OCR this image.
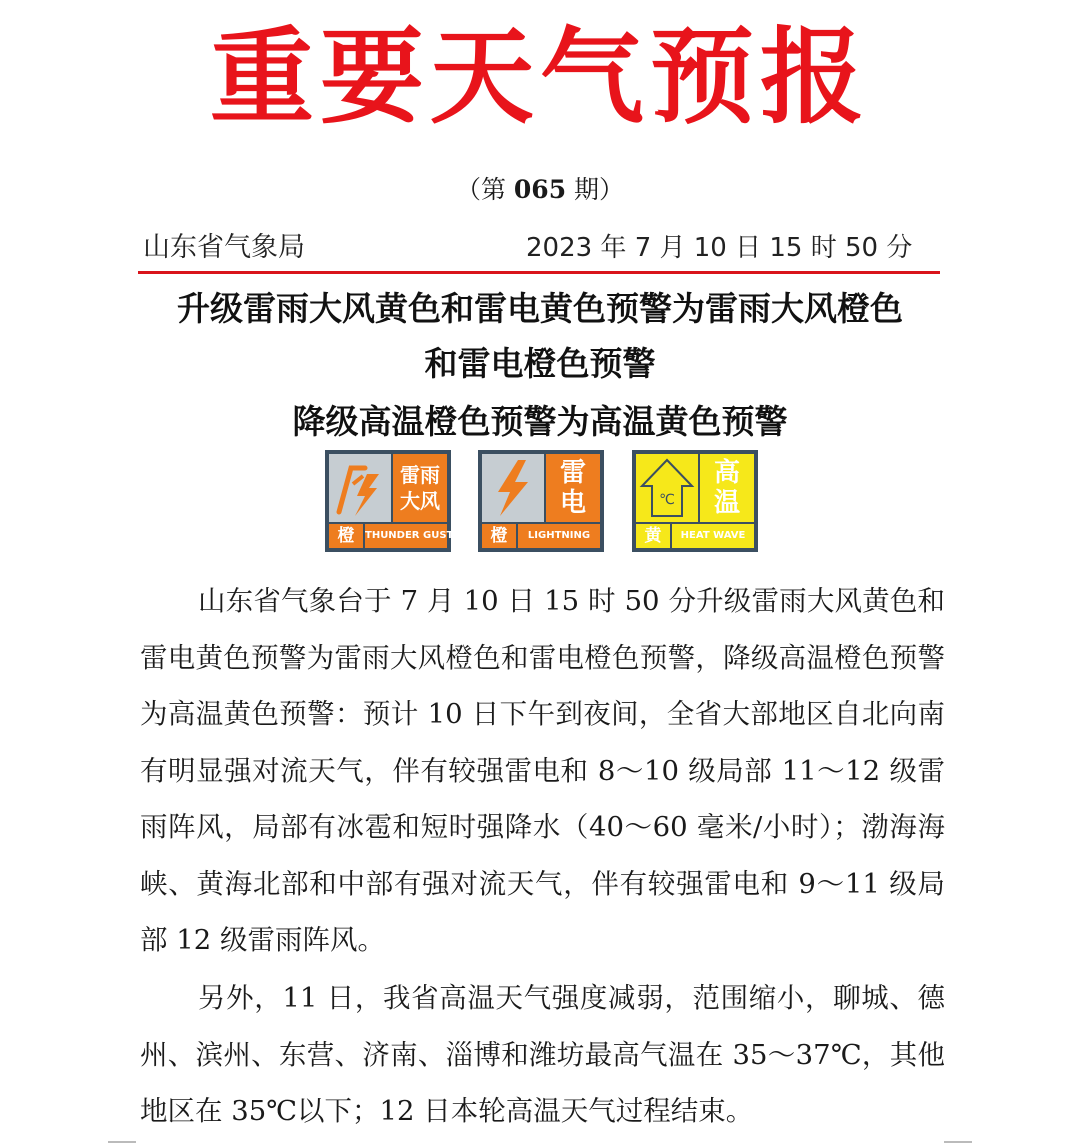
重要天气预报
（第 065 期）
山东省气象局	2023 年 7 月 10 日 15 时 50 分
升级雷雨大风黄色和雷电黄色预警为雷雨大风橙色
和雷电橙色预警
降级高温橙色预警为高温黄色预警
雷雨
大风
橙	THUNDER GUST
雷
电
橙	LIGHTNING
℃
高
温
黄	HEAT WAVE
山东省气象台于 7 月 10 日 15 时 50 分升级雷雨大风黄色和雷电黄色预警为雷雨大风橙色和雷电橙色预警，降级高温橙色预警为高温黄色预警：预计 10 日下午到夜间，全省大部地区自北向南有明显强对流天气，伴有较强雷电和 8～10 级局部 11～12 级雷雨阵风，局部有冰雹和短时强降水（40～60 毫米/小时）；渤海海峡、黄海北部和中部有强对流天气，伴有较强雷电和 9～11 级局部 12 级雷雨阵风。
另外，11 日，我省高温天气强度减弱，范围缩小，聊城、德州、滨州、东营、济南、淄博和潍坊最高气温在 35～37℃，其他地区在 35℃以下；12 日本轮高温天气过程结束。
